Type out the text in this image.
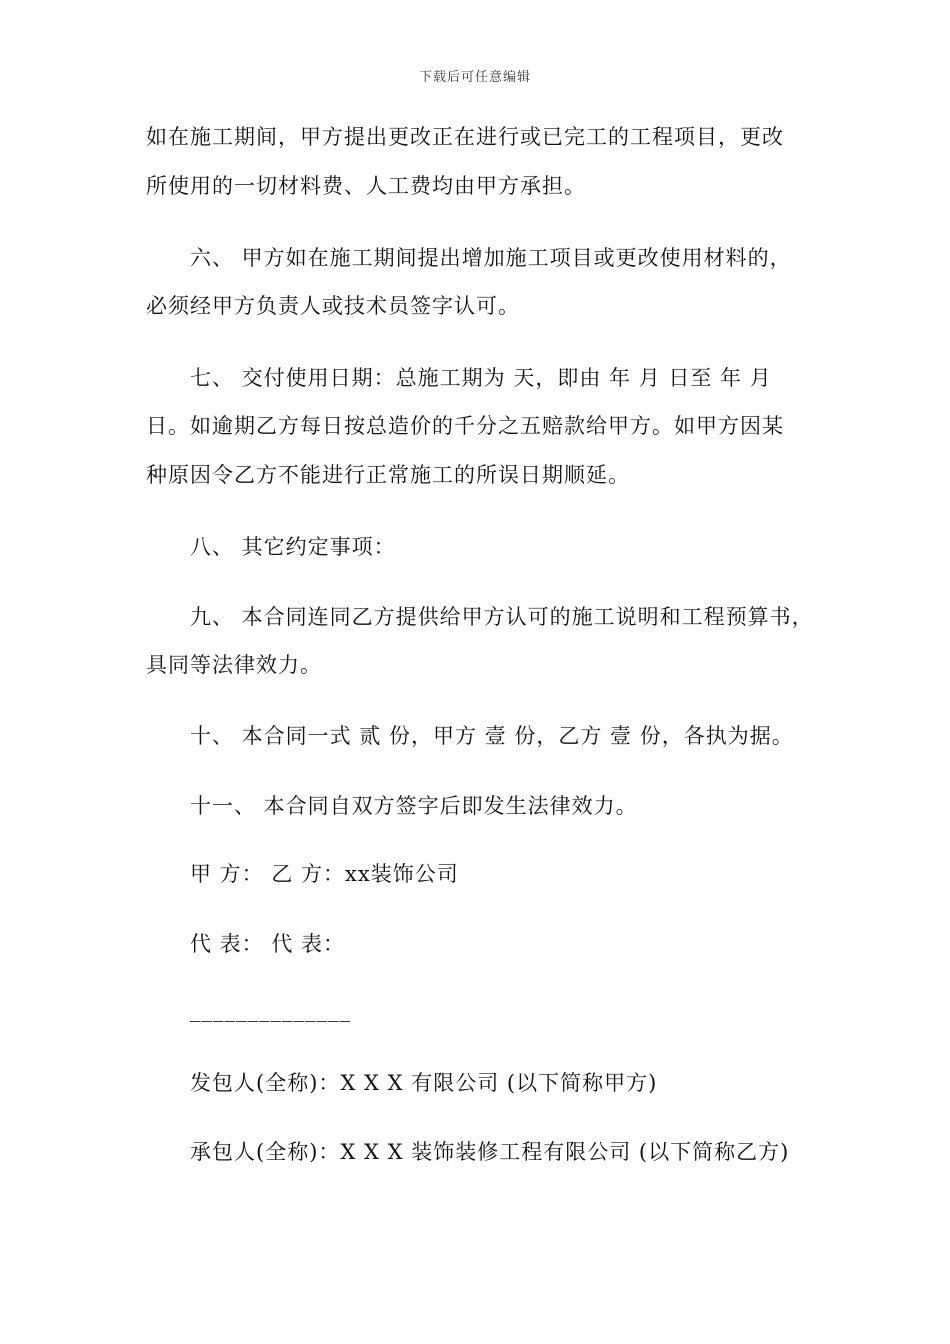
下载后可任意编辑
如在施工期间，甲方提出更改正在进行或已完工的工程项目，更改
所使用的一切材料费、人工费均由甲方承担。
六、 甲方如在施工期间提出增加施工项目或更改使用材料的，
必须经甲方负责人或技术员签字认可。
七、 交付使用日期：总施工期为 天，即由 年 月 日至 年 月
日。如逾期乙方每日按总造价的千分之五赔款给甲方。如甲方因某
种原因令乙方不能进行正常施工的所误日期顺延。
八、 其它约定事项：
九、 本合同连同乙方提供给甲方认可的施工说明和工程预算书，
具同等法律效力。
十、 本合同一式 贰 份，甲方 壹 份，乙方 壹 份，各执为据。
十一、 本合同自双方签字后即发生法律效力。
甲 方： 乙 方：xx装饰公司
代 表： 代 表：
______________
发包人(全称)：X X X 有限公司 (以下简称甲方)
承包人(全称)：X X X 装饰装修工程有限公司 (以下简称乙方)
